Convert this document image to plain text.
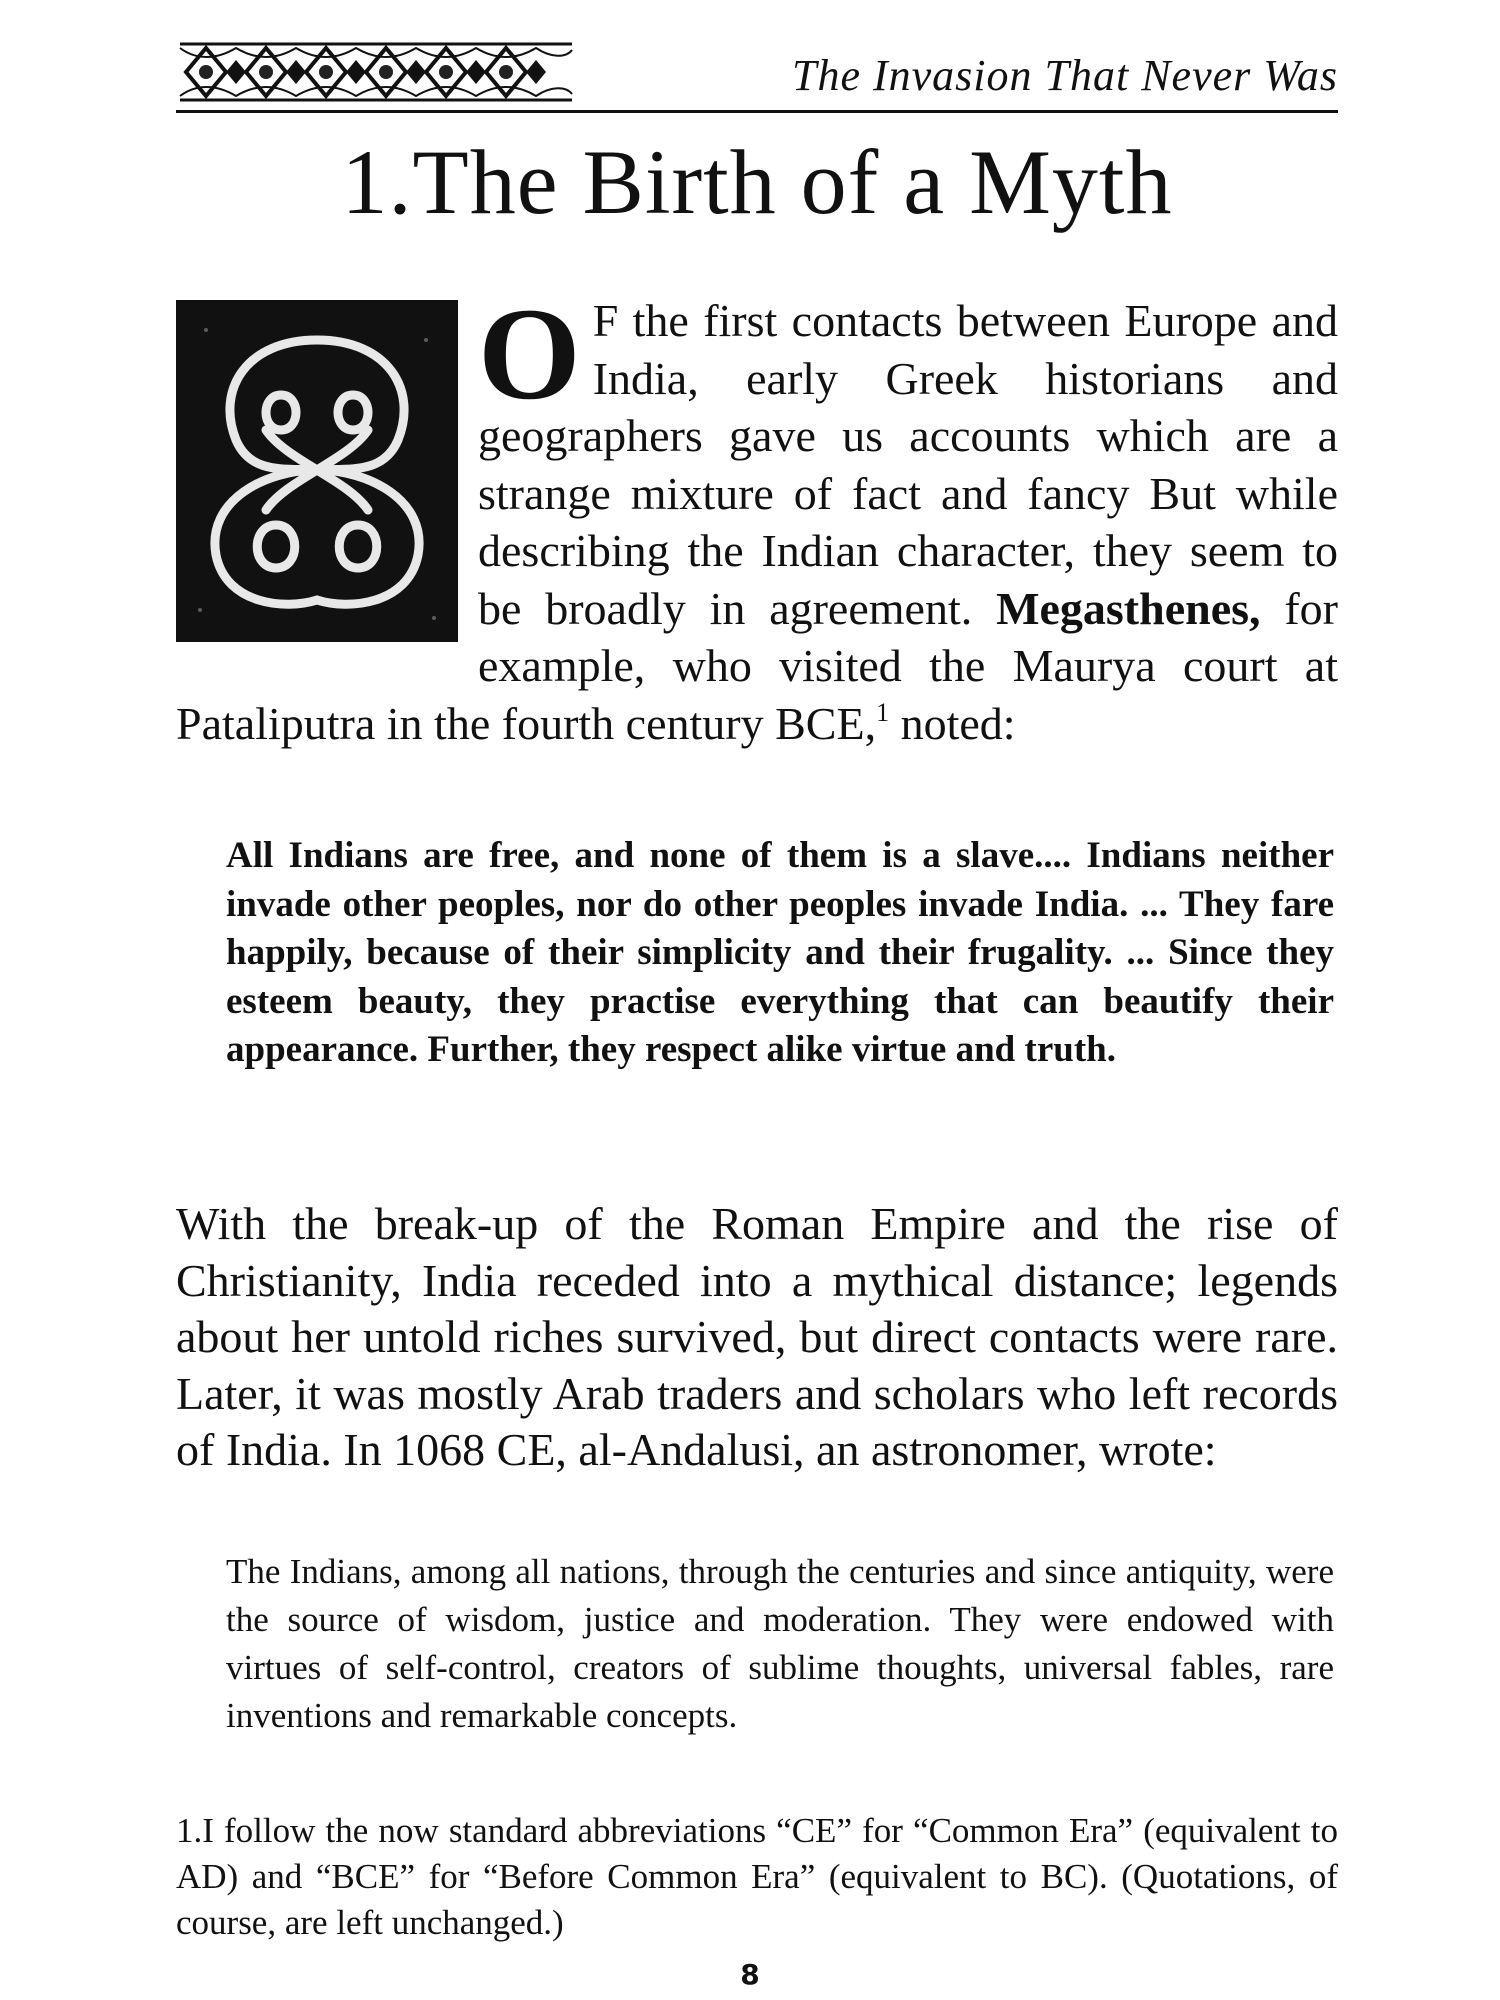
The Invasion That Never Was
1.The Birth of a Myth

O F the first contacts between Europe and India, early Greek historians and geographers gave us accounts which are a strange mixture of fact and fancy But while describing the Indian character, they seem to be broadly in agreement. Megasthenes, for example, who visited the Maurya court at Pataliputra in the fourth century BCE,$^1$ noted:

All Indians are free, and none of them is a slave.... Indians neither invade other peoples, nor do other peoples invade India. ... They fare happily, because of their simplicity and their frugality. ... Since they esteem beauty, they practise everything that can beautify their appearance. Further, they respect alike virtue and truth.

With the break-up of the Roman Empire and the rise of Christianity, India receded into a mythical distance; legends about her untold riches survived, but direct contacts were rare. Later, it was mostly Arab traders and scholars who left records of India. In 1068 CE, al-Andalusi, an astronomer, wrote:

The Indians, among all nations, through the centuries and since antiquity, were the source of wisdom, justice and moderation. They were endowed with virtues of self-control, creators of sublime thoughts, universal fables, rare inventions and remarkable concepts.

1.I follow the now standard abbreviations “CE” for “Common Era” (equivalent to AD) and “BCE” for “Before Common Era” (equivalent to BC). (Quotations, of course, are left unchanged.)

8
